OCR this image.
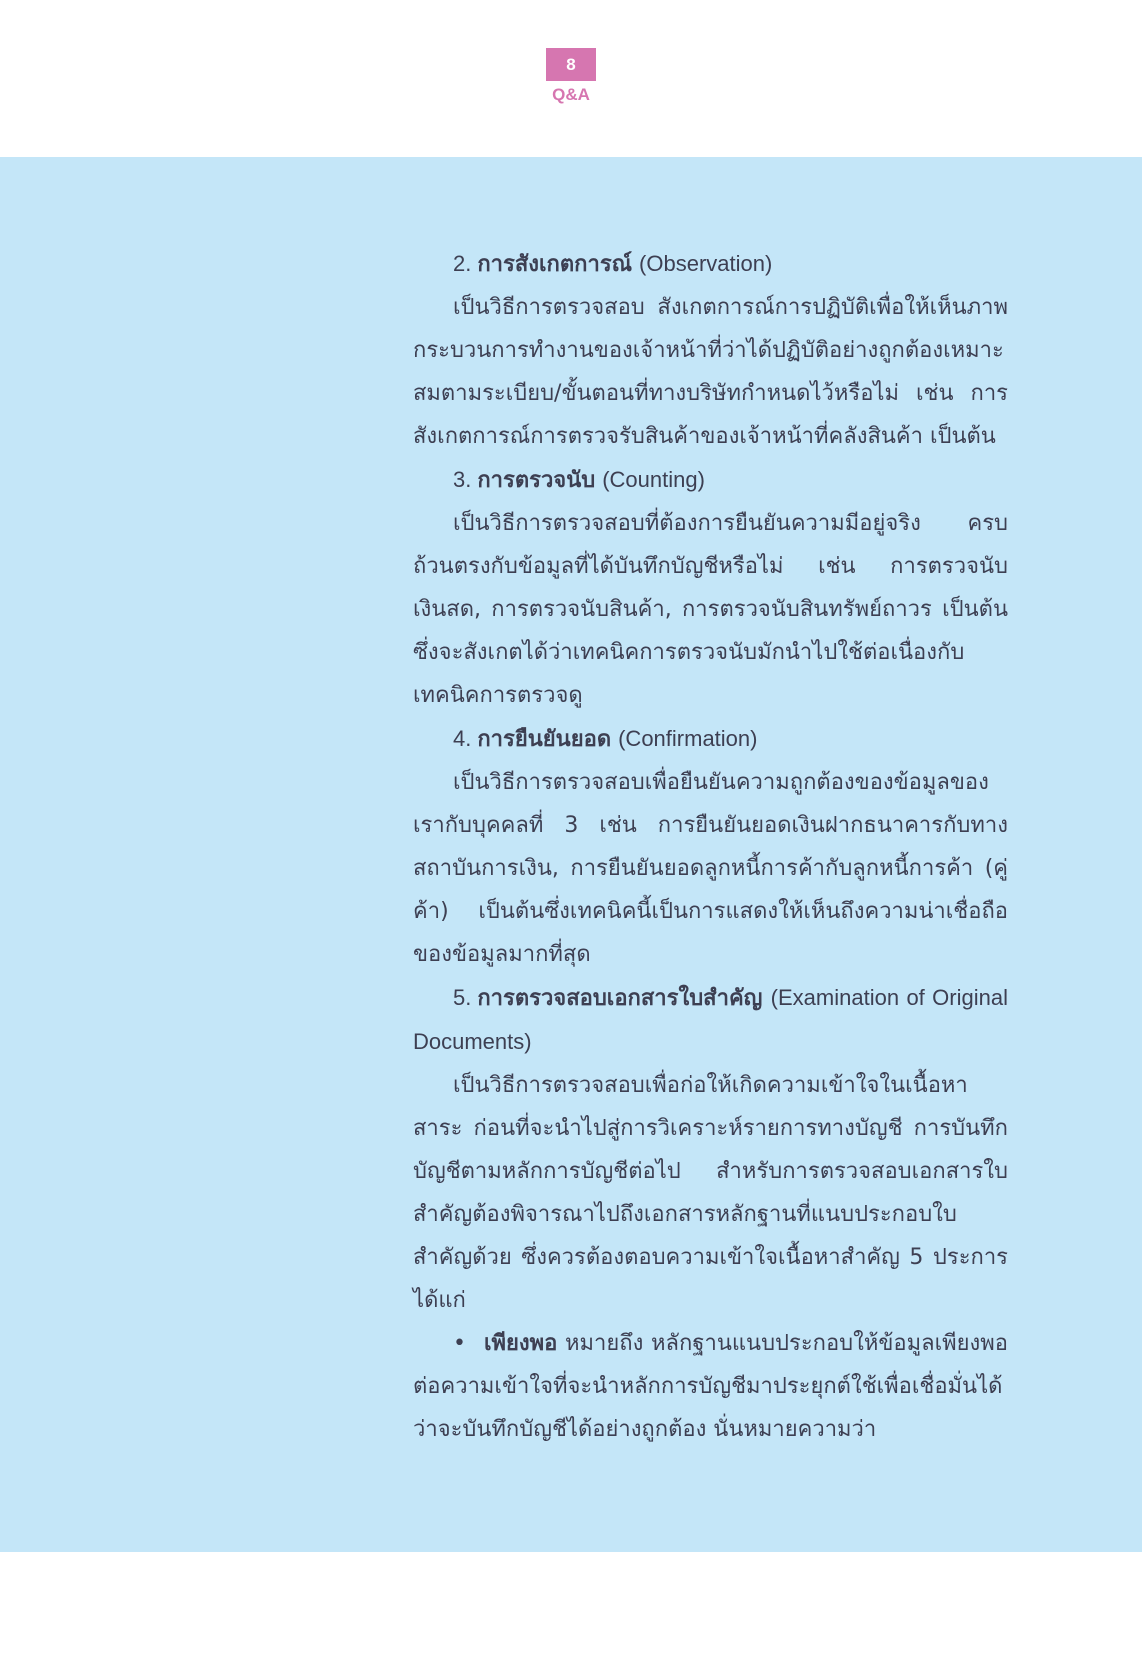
8
Q&A

2. การสังเกตการณ์ (Observation)

เป็นวิธีการตรวจสอบ สังเกตการณ์การปฏิบัติเพื่อให้เห็นภาพกระบวนการทำงานของเจ้าหน้าที่ว่าได้ปฏิบัติอย่างถูกต้องเหมาะสมตามระเบียบ/ขั้นตอนที่ทางบริษัทกำหนดไว้หรือไม่ เช่น การสังเกตการณ์การตรวจรับสินค้าของเจ้าหน้าที่คลังสินค้า เป็นต้น

3. การตรวจนับ (Counting)

เป็นวิธีการตรวจสอบที่ต้องการยืนยันความมีอยู่จริง ครบถ้วนตรงกับข้อมูลที่ได้บันทึกบัญชีหรือไม่ เช่น การตรวจนับเงินสด, การตรวจนับสินค้า, การตรวจนับสินทรัพย์ถาวร เป็นต้น ซึ่งจะสังเกตได้ว่าเทคนิคการตรวจนับมักนำไปใช้ต่อเนื่องกับเทคนิคการตรวจดู

4. การยืนยันยอด (Confirmation)

เป็นวิธีการตรวจสอบเพื่อยืนยันความถูกต้องของข้อมูลของเรากับบุคคลที่ 3 เช่น การยืนยันยอดเงินฝากธนาคารกับทางสถาบันการเงิน, การยืนยันยอดลูกหนี้การค้ากับลูกหนี้การค้า (คู่ค้า) เป็นต้นซึ่งเทคนิคนี้เป็นการแสดงให้เห็นถึงความน่าเชื่อถือของข้อมูลมากที่สุด

5. การตรวจสอบเอกสารใบสำคัญ (Examination of Original Documents)

เป็นวิธีการตรวจสอบเพื่อก่อให้เกิดความเข้าใจในเนื้อหาสาระ ก่อนที่จะนำไปสู่การวิเคราะห์รายการทางบัญชี การบันทึกบัญชีตามหลักการบัญชีต่อไป สำหรับการตรวจสอบเอกสารใบสำคัญต้องพิจารณาไปถึงเอกสารหลักฐานที่แนบประกอบใบสำคัญด้วย ซึ่งควรต้องตอบความเข้าใจเนื้อหาสำคัญ 5 ประการ ได้แก่

• เพียงพอ หมายถึง หลักฐานแนบประกอบให้ข้อมูลเพียงพอต่อความเข้าใจที่จะนำหลักการบัญชีมาประยุกต์ใช้เพื่อเชื่อมั่นได้ว่าจะบันทึกบัญชีได้อย่างถูกต้อง นั่นหมายความว่า
